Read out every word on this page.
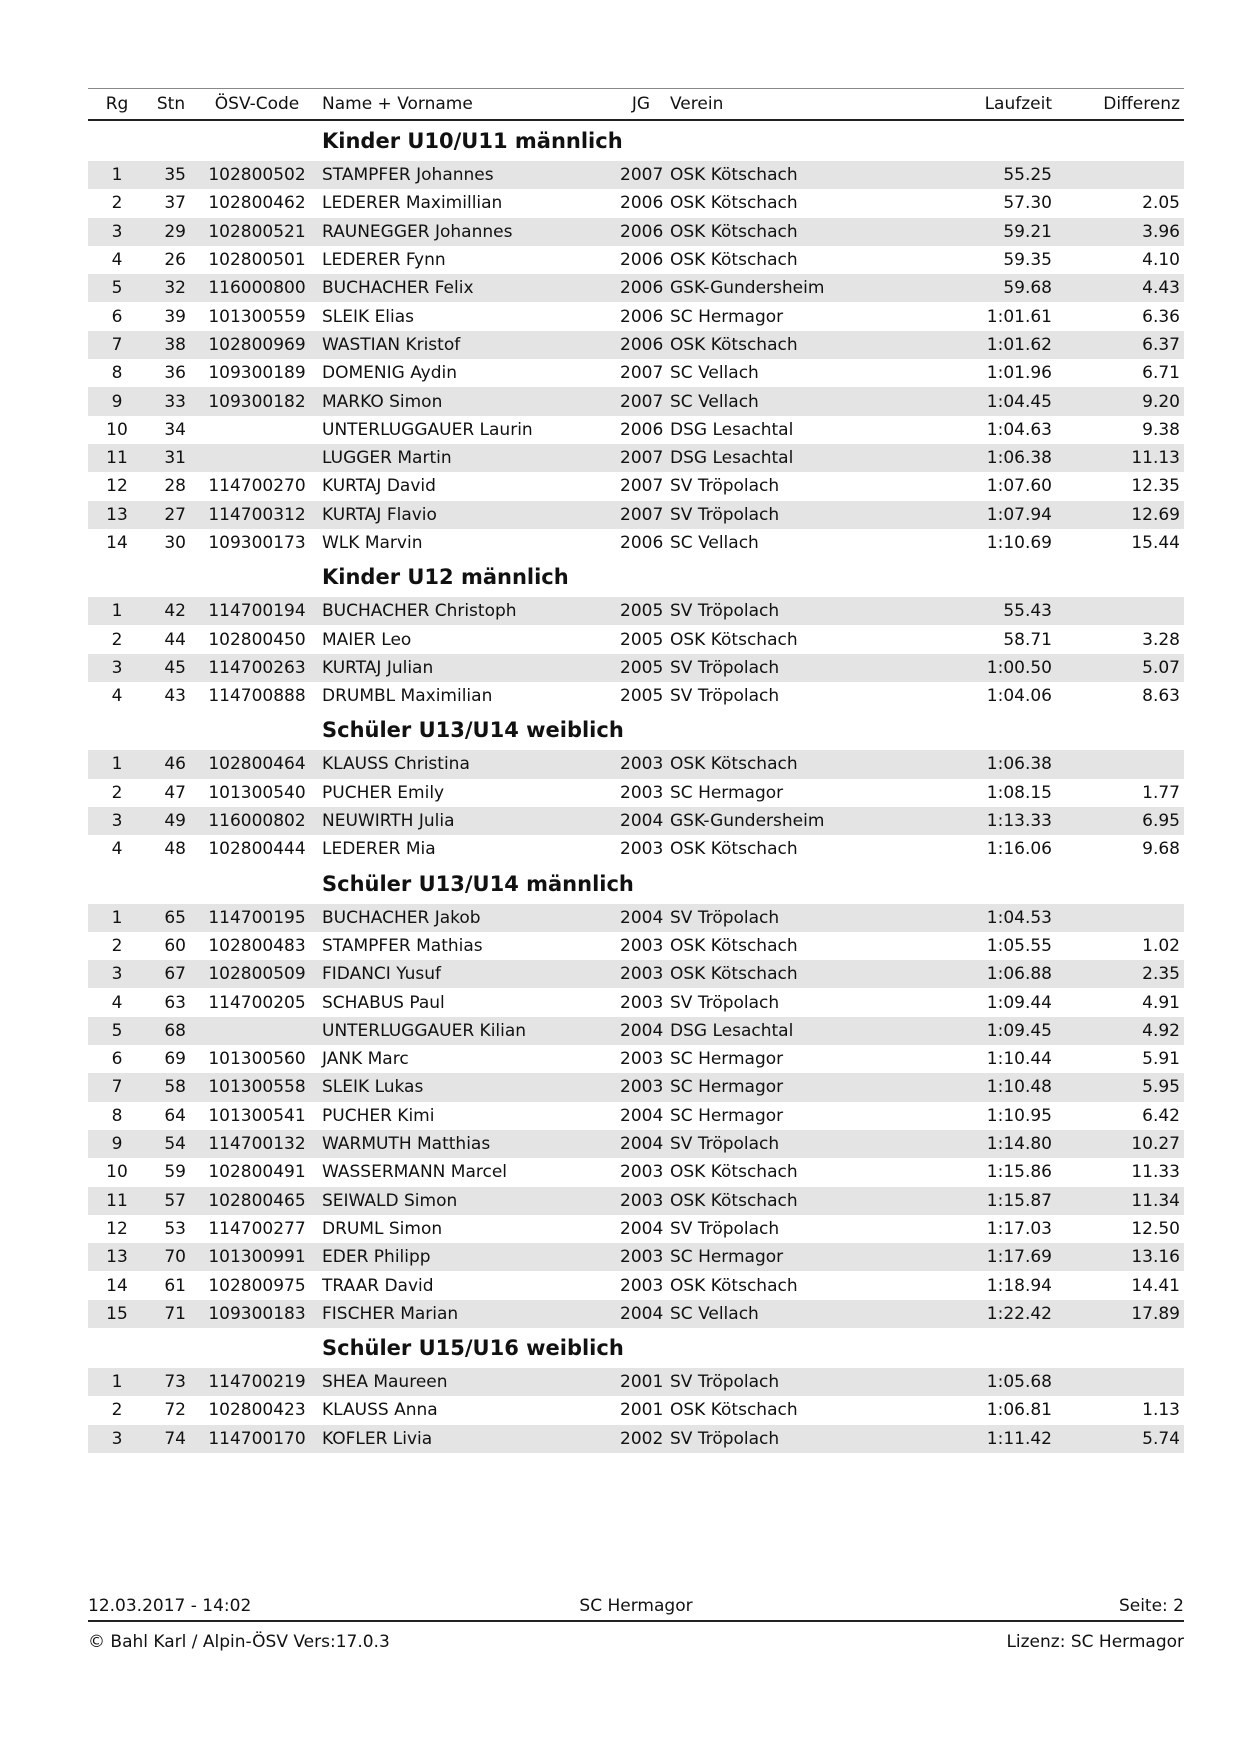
Rg	Stn	ÖSV-Code	Name + Vorname	JG	Verein	Laufzeit	Differenz
			Kinder U10/U11 männlich				
1	35	102800502	STAMPFER Johannes	2007	OSK Kötschach	55.25	
2	37	102800462	LEDERER Maximillian	2006	OSK Kötschach	57.30	2.05
3	29	102800521	RAUNEGGER Johannes	2006	OSK Kötschach	59.21	3.96
4	26	102800501	LEDERER Fynn	2006	OSK Kötschach	59.35	4.10
5	32	116000800	BUCHACHER Felix	2006	GSK-Gundersheim	59.68	4.43
6	39	101300559	SLEIK Elias	2006	SC Hermagor	1:01.61	6.36
7	38	102800969	WASTIAN Kristof	2006	OSK Kötschach	1:01.62	6.37
8	36	109300189	DOMENIG Aydin	2007	SC Vellach	1:01.96	6.71
9	33	109300182	MARKO Simon	2007	SC Vellach	1:04.45	9.20
10	34		UNTERLUGGAUER Laurin	2006	DSG Lesachtal	1:04.63	9.38
11	31		LUGGER Martin	2007	DSG Lesachtal	1:06.38	11.13
12	28	114700270	KURTAJ David	2007	SV Tröpolach	1:07.60	12.35
13	27	114700312	KURTAJ Flavio	2007	SV Tröpolach	1:07.94	12.69
14	30	109300173	WLK Marvin	2006	SC Vellach	1:10.69	15.44
			Kinder U12 männlich				
1	42	114700194	BUCHACHER Christoph	2005	SV Tröpolach	55.43	
2	44	102800450	MAIER Leo	2005	OSK Kötschach	58.71	3.28
3	45	114700263	KURTAJ Julian	2005	SV Tröpolach	1:00.50	5.07
4	43	114700888	DRUMBL Maximilian	2005	SV Tröpolach	1:04.06	8.63
			Schüler U13/U14 weiblich				
1	46	102800464	KLAUSS Christina	2003	OSK Kötschach	1:06.38	
2	47	101300540	PUCHER Emily	2003	SC Hermagor	1:08.15	1.77
3	49	116000802	NEUWIRTH Julia	2004	GSK-Gundersheim	1:13.33	6.95
4	48	102800444	LEDERER Mia	2003	OSK Kötschach	1:16.06	9.68
			Schüler U13/U14 männlich				
1	65	114700195	BUCHACHER Jakob	2004	SV Tröpolach	1:04.53	
2	60	102800483	STAMPFER Mathias	2003	OSK Kötschach	1:05.55	1.02
3	67	102800509	FIDANCI Yusuf	2003	OSK Kötschach	1:06.88	2.35
4	63	114700205	SCHABUS Paul	2003	SV Tröpolach	1:09.44	4.91
5	68		UNTERLUGGAUER Kilian	2004	DSG Lesachtal	1:09.45	4.92
6	69	101300560	JANK Marc	2003	SC Hermagor	1:10.44	5.91
7	58	101300558	SLEIK Lukas	2003	SC Hermagor	1:10.48	5.95
8	64	101300541	PUCHER Kimi	2004	SC Hermagor	1:10.95	6.42
9	54	114700132	WARMUTH Matthias	2004	SV Tröpolach	1:14.80	10.27
10	59	102800491	WASSERMANN Marcel	2003	OSK Kötschach	1:15.86	11.33
11	57	102800465	SEIWALD Simon	2003	OSK Kötschach	1:15.87	11.34
12	53	114700277	DRUML Simon	2004	SV Tröpolach	1:17.03	12.50
13	70	101300991	EDER Philipp	2003	SC Hermagor	1:17.69	13.16
14	61	102800975	TRAAR David	2003	OSK Kötschach	1:18.94	14.41
15	71	109300183	FISCHER Marian	2004	SC Vellach	1:22.42	17.89
			Schüler U15/U16 weiblich				
1	73	114700219	SHEA Maureen	2001	SV Tröpolach	1:05.68	
2	72	102800423	KLAUSS Anna	2001	OSK Kötschach	1:06.81	1.13
3	74	114700170	KOFLER Livia	2002	SV Tröpolach	1:11.42	5.74
12.03.2017 - 14:02	SC Hermagor	Seite: 2
© Bahl Karl / Alpin-ÖSV Vers:17.0.3	Lizenz: SC Hermagor
